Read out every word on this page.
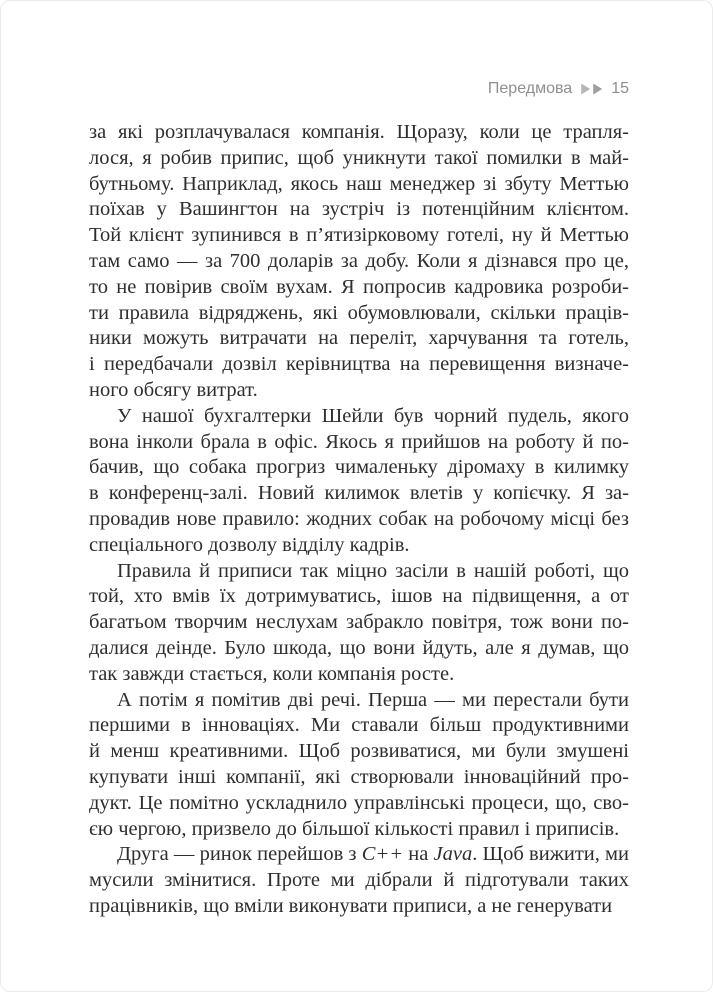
Передмова 15
за які розплачувалася компанія. Щоразу, коли це трапля-
лося, я робив припис, щоб уникнути такої помилки в май-
бутньому. Наприклад, якось наш менеджер зі збуту Меттью
поїхав у Вашингтон на зустріч із потенційним клієнтом.
Той клієнт зупинився в п’ятизірковому готелі, ну й Меттью
там само — за 700 доларів за добу. Коли я дізнався про це,
то не повірив своїм вухам. Я попросив кадровика розроби-
ти правила відряджень, які обумовлювали, скільки праців-
ники можуть витрачати на переліт, харчування та готель,
і передбачали дозвіл керівництва на перевищення визначе-
ного обсягу витрат.
У нашої бухгалтерки Шейли був чорний пудель, якого
вона інколи брала в офіс. Якось я прийшов на роботу й по-
бачив, що собака прогриз чималеньку діромаху в килимку
в конференц-залі. Новий килимок влетів у копієчку. Я за-
провадив нове правило: жодних собак на робочому місці без
спеціального дозволу відділу кадрів.
Правила й приписи так міцно засіли в нашій роботі, що
той, хто вмів їх дотримуватись, ішов на підвищення, а от
багатьом творчим неслухам забракло повітря, тож вони по-
далися деінде. Було шкода, що вони йдуть, але я думав, що
так завжди стається, коли компанія росте.
А потім я помітив дві речі. Перша — ми перестали бути
першими в інноваціях. Ми ставали більш продуктивними
й менш креативними. Щоб розвиватися, ми були змушені
купувати інші компанії, які створювали інноваційний про-
дукт. Це помітно ускладнило управлінські процеси, що, сво-
єю чергою, призвело до більшої кількості правил і приписів.
Друга — ринок перейшов з C++ на Java. Щоб вижити, ми
мусили змінитися. Проте ми дібрали й підготували таких
працівників, що вміли виконувати приписи, а не генерувати
